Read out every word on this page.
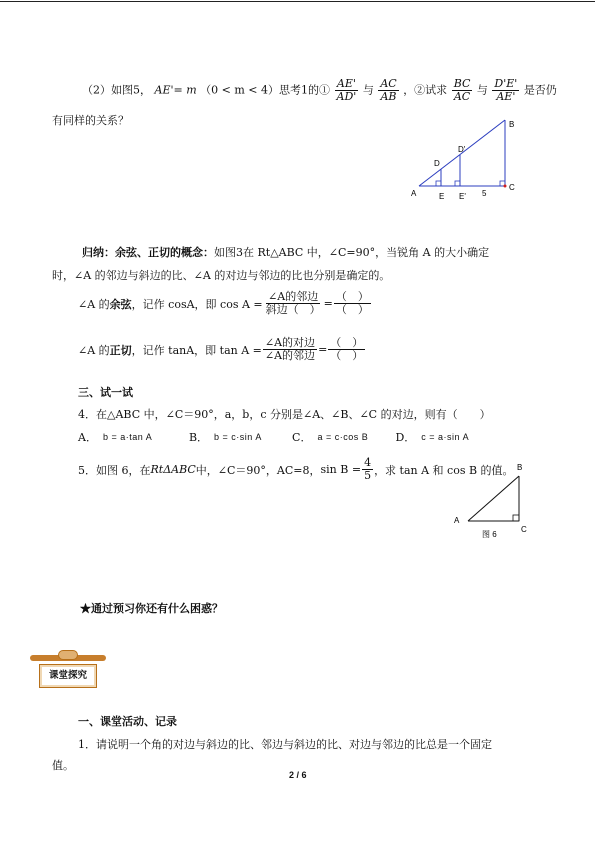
（2）如图5， AE'= m （0 < m < 4）思考1的① $\frac{AE'}{AD'}$ 与 $\frac{AC}{AB}$ ，②试求 $\frac{BC}{AC}$ 与 $\frac{D'E'}{AE'}$ 是否仍
有同样的关系？
A
B
C
D
D'
E E' 5
归纳：余弦、正切的概念：如图3在 Rt△ABC 中，∠C=90°，当锐角 A 的大小确定
时，∠A 的邻边与斜边的比、∠A 的对边与邻边的比也分别是确定的。
∠A 的 余弦 ，记作 cosA，即 $\cos A = \frac{\text{∠A的邻边}}{\text{斜边（　）}} = \frac{( )}{( )}$
∠A 的 正切 ，记作 tanA，即 $\tan A = \frac{\text{∠A的对边}}{\text{∠A的邻边}} = \frac{( )}{( )}$
三、试一试
4．在△ABC 中，∠C＝90°，a，b，c 分别是∠A、∠B、∠C 的对边，则有（　　）
A． b = a·tan A	B． b = c·sin A	C． a = c·cos B	D． c = a·sin A
5．如图 6，在 RtΔABC 中，∠C＝90°，AC=8， $\sin B = \frac{4}{5}$ ，求 tan A 和 cos B 的值。
A
B
C
图 6
★通过预习你还有什么困惑？
课堂探究
一、课堂活动、记录
1．请说明一个角的对边与斜边的比、邻边与斜边的比、对边与邻边的比总是一个固定
值。
2 / 6
